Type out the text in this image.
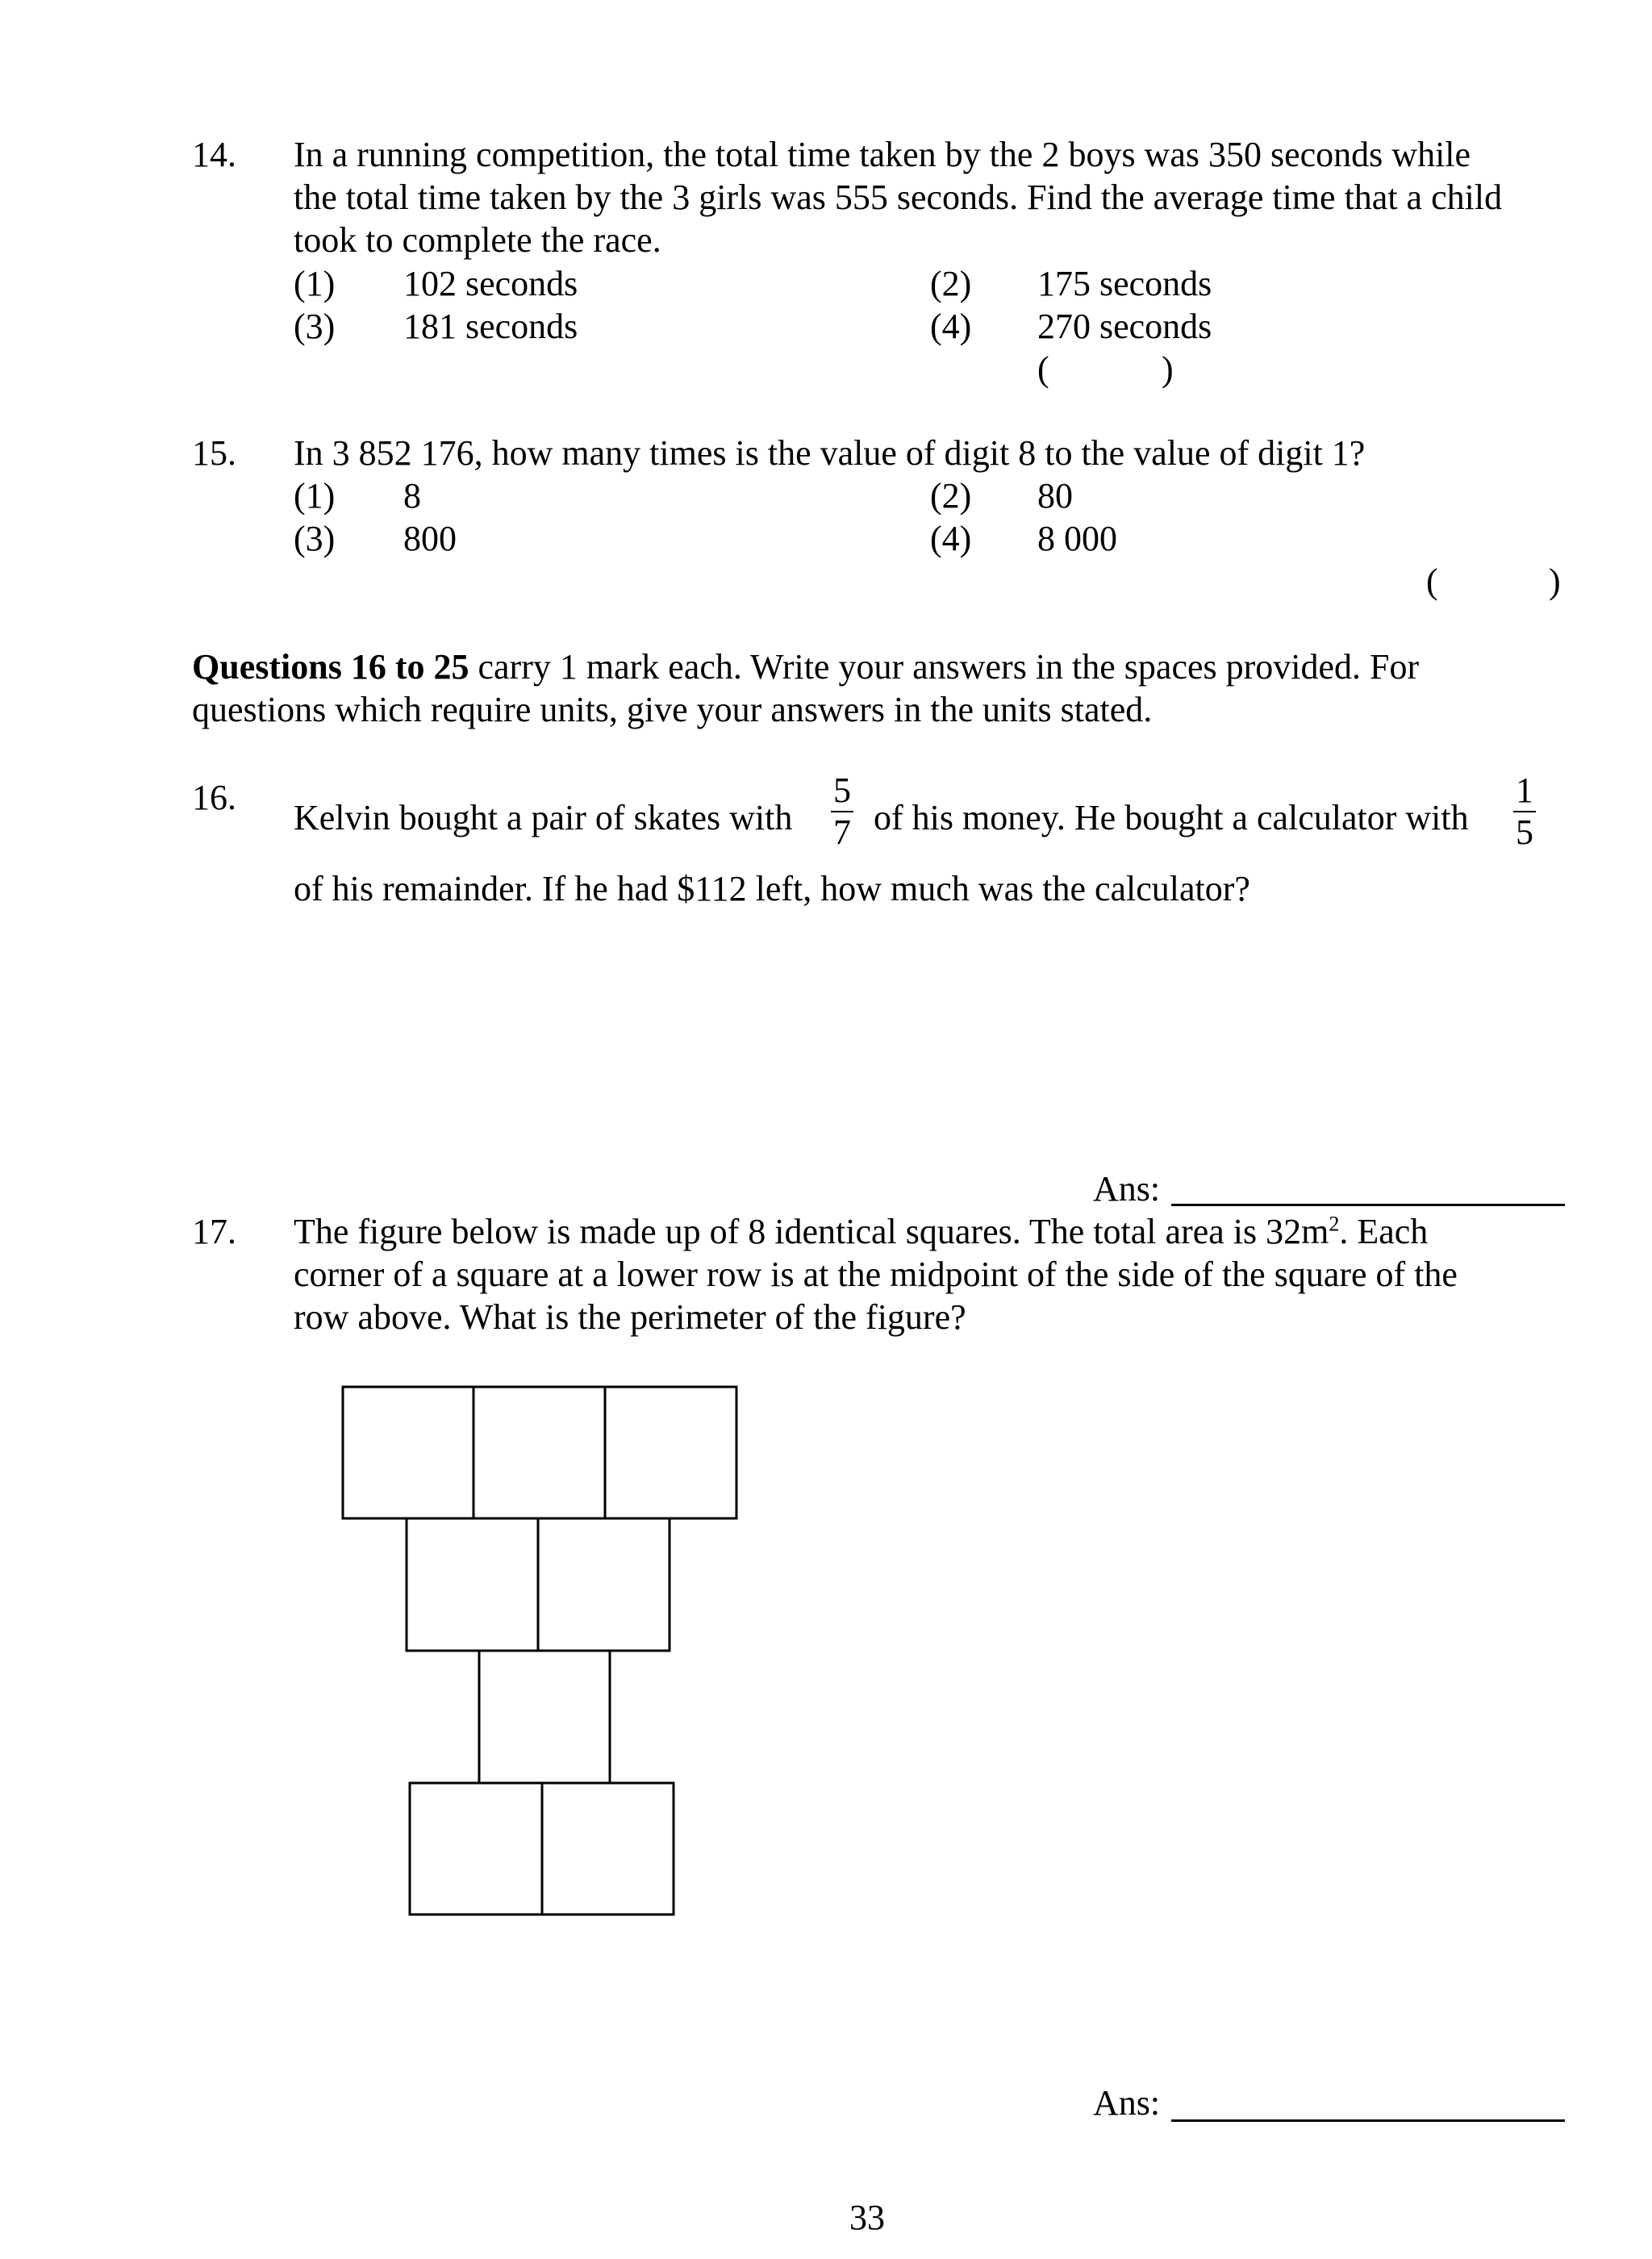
14. In a running competition, the total time taken by the 2 boys was 350 seconds while
the total time taken by the 3 girls was 555 seconds. Find the average time that a child
took to complete the race.
(1) 102 seconds	(2) 175 seconds
(3) 181 seconds	(4) 270 seconds
(	)
15. In 3 852 176, how many times is the value of digit 8 to the value of digit 1?
(1) 8	(2) 80
(3) 800	(4) 8 000
(	)
Questions 16 to 25 carry 1 mark each. Write your answers in the spaces provided. For
questions which require units, give your answers in the units stated.
16.
Kelvin bought a pair of skates with
5
7 of his money. He bought a calculator with
1
5
of his remainder. If he had $112 left, how much was the calculator?
Ans:
17. The figure below is made up of 8 identical squares. The total area is $32m^2$. Each
corner of a square at a lower row is at the midpoint of the side of the square of the
row above. What is the perimeter of the figure?
Ans:
33
